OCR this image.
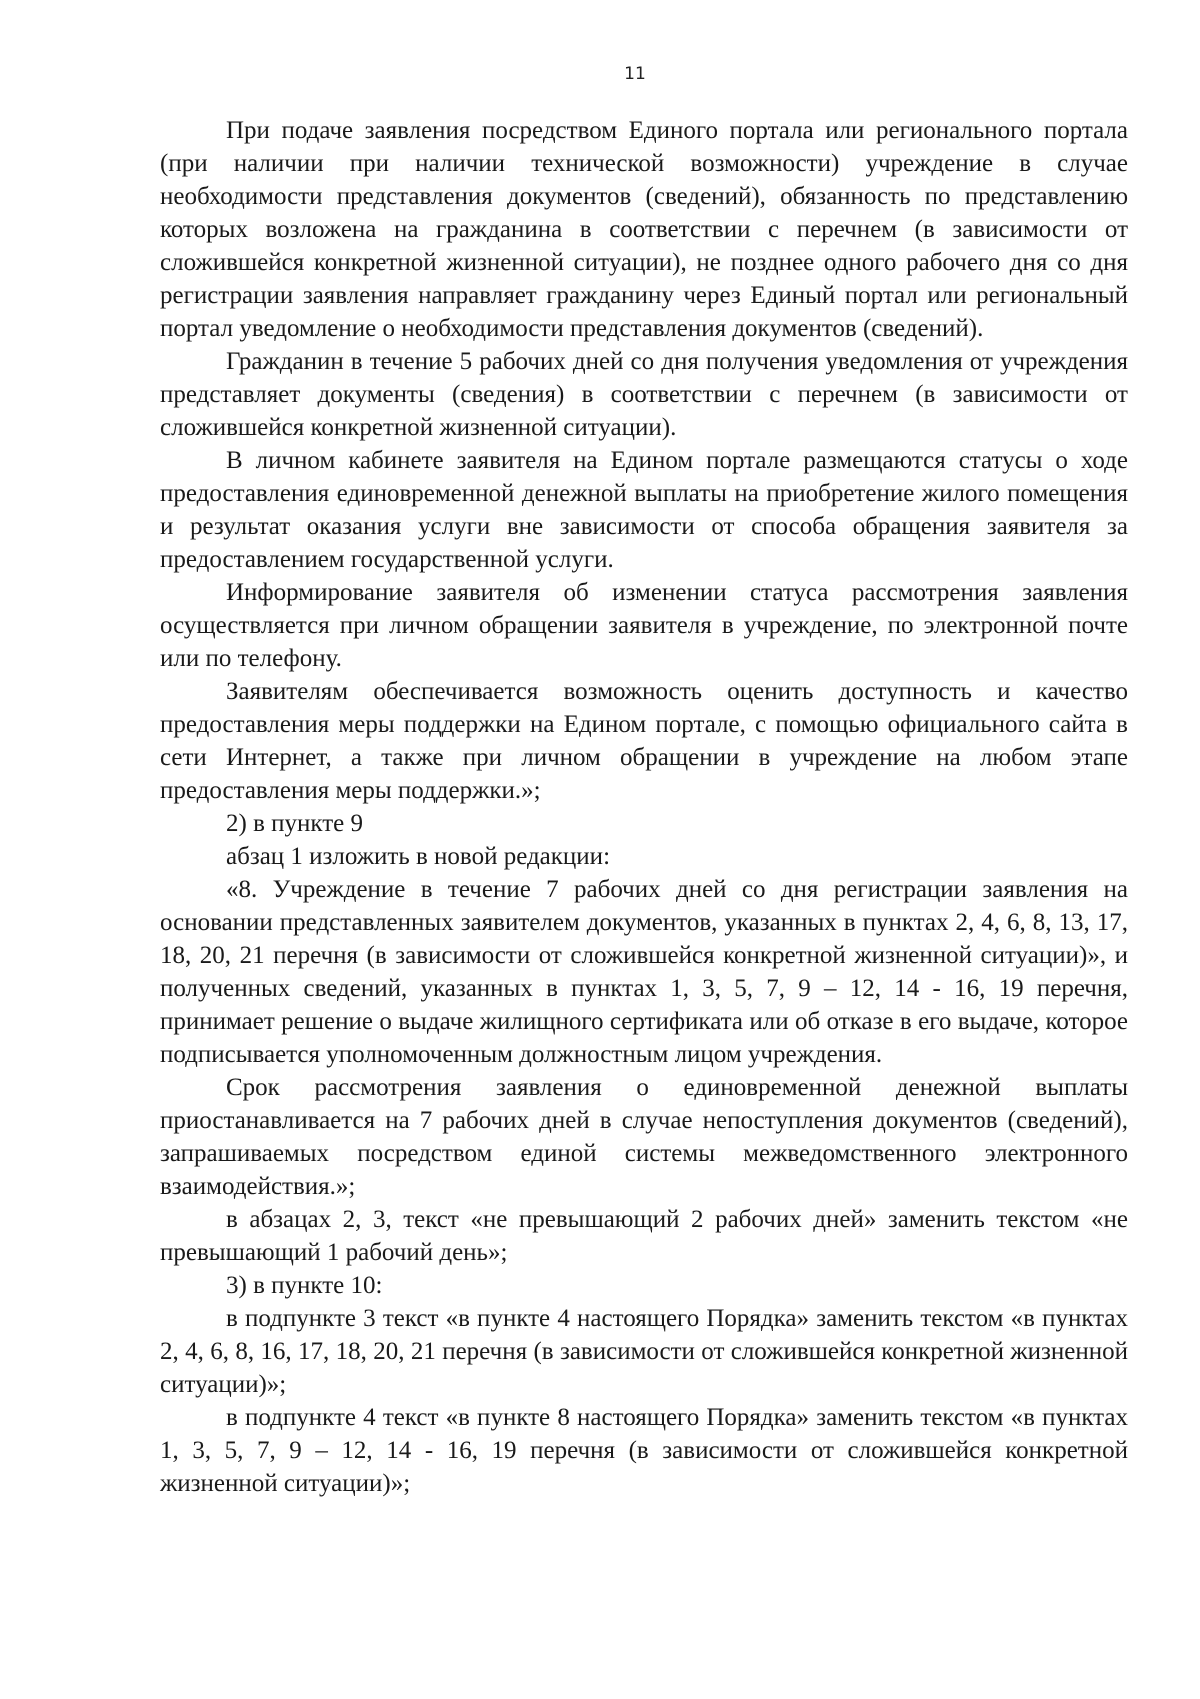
11

При подаче заявления посредством Единого портала или регионального портала (при наличии при наличии технической возможности) учреждение в случае необходимости представления документов (сведений), обязанность по представлению которых возложена на гражданина в соответствии с перечнем (в зависимости от сложившейся конкретной жизненной ситуации), не позднее одного рабочего дня со дня регистрации заявления направляет гражданину через Единый портал или региональный портал уведомление о необходимости представления документов (сведений).

Гражданин в течение 5 рабочих дней со дня получения уведомления от учреждения представляет документы (сведения) в соответствии с перечнем (в зависимости от сложившейся конкретной жизненной ситуации).

В личном кабинете заявителя на Едином портале размещаются статусы о ходе предоставления единовременной денежной выплаты на приобретение жилого помещения и результат оказания услуги вне зависимости от способа обращения заявителя за предоставлением государственной услуги.

Информирование заявителя об изменении статуса рассмотрения заявления осуществляется при личном обращении заявителя в учреждение, по электронной почте или по телефону.

Заявителям обеспечивается возможность оценить доступность и качество предоставления меры поддержки на Едином портале, с помощью официального сайта в сети Интернет, а также при личном обращении в учреждение на любом этапе предоставления меры поддержки.»;

2) в пункте 9

абзац 1 изложить в новой редакции:

«8. Учреждение в течение 7 рабочих дней со дня регистрации заявления на основании представленных заявителем документов, указанных в пунктах 2, 4, 6, 8, 13, 17, 18, 20, 21 перечня (в зависимости от сложившейся конкретной жизненной ситуации)», и полученных сведений, указанных в пунктах 1, 3, 5, 7, 9 – 12, 14 - 16, 19 перечня, принимает решение о выдаче жилищного сертификата или об отказе в его выдаче, которое подписывается уполномоченным должностным лицом учреждения.

Срок рассмотрения заявления о единовременной денежной выплаты приостанавливается на 7 рабочих дней в случае непоступления документов (сведений), запрашиваемых посредством единой системы межведомственного электронного взаимодействия.»;

в абзацах 2, 3, текст «не превышающий 2 рабочих дней» заменить текстом «не превышающий 1 рабочий день»;

3) в пункте 10:

в подпункте 3 текст «в пункте 4 настоящего Порядка» заменить текстом «в пунктах 2, 4, 6, 8, 16, 17, 18, 20, 21 перечня (в зависимости от сложившейся конкретной жизненной ситуации)»;

в подпункте 4 текст «в пункте 8 настоящего Порядка» заменить текстом «в пунктах 1, 3, 5, 7, 9 – 12, 14 - 16, 19 перечня (в зависимости от сложившейся конкретной жизненной ситуации)»;
